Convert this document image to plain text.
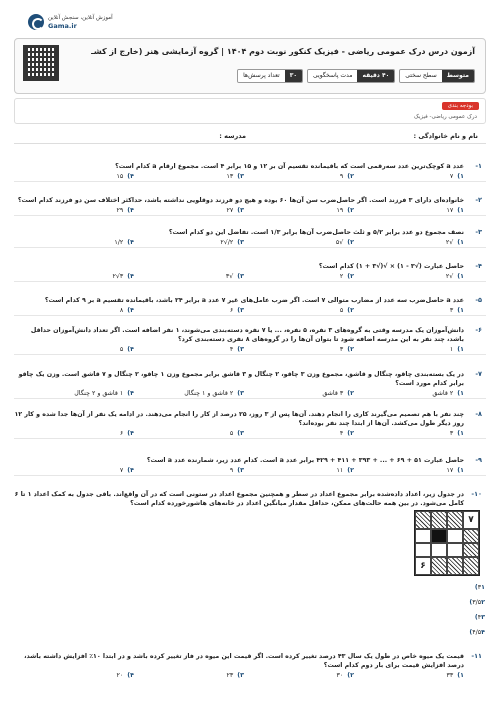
آموزش آنلاین، سنجش آنلاین
Gama.ir
آزمون درس درک عمومی ریاضی - فیزیک کنکور نوبت دوم ۱۴۰۴ | گروه آزمایشی هنر (خارج از کشـ
تعداد پرسش‌ها	۳۰	مدت پاسخگویی	۴۰ دقیقه	سطح سختی	متوسط
بودجه بندی
درک عمومی ریاضی- فیزیک
نام و نام خانوادگی :
مدرسه :
۱-
عدد a کوچک‌ترین عدد سه‌رقمی است که باقیمانده تقسیم آن بر ۱۲ و ۱۵ برابر ۴ است. مجموع ارقام a کدام است؟
۱)
۷
۲)
۹
۳)
۱۳
۴)
۱۵
۲-
خانواده‌ای دارای ۳ فرزند است. اگر حاصل‌ضرب سن آن‌ها ۶۰ بوده و هیچ دو فرزند دوقلویی نداشته باشد، حداکثر اختلاف سن دو فرزند کدام است؟
۱)
۱۷
۲)
۱۹
۳)
۲۷
۴)
۲۹
۳-
نصف مجموع دو عدد برابر ۵/۲ و ثلث حاصل‌ضرب آن‌ها برابر ۱/۳ است. تفاضل این دو کدام است؟
۱)
√۲
۲)
√۵
۳)
۲/√۲
۴)
۱/۲
۴-
حاصل عبارت (√۳ - ۱) × √(√۳ + ۱) کدام است؟
۱)
√۲
۲)
۲
۳)
√۳
۴)
۳√۲
۵-
عدد a حاصل‌ضرب سه عدد از مضارب متوالی ۷ است. اگر ضرب عامل‌های غیر ۷ عدد a برابر ۲۴ باشد، باقیمانده تقسیم a بر ۹ کدام است؟
۱)
۳
۲)
۵
۳)
۶
۴)
۸
۶-
دانش‌آموزان یک مدرسه وقتی به گروه‌های ۳ نفره، ۵ نفره، ... یا ۷ نفره دسته‌بندی می‌شوند، ۱ نفر اضافه است. اگر تعداد دانش‌آموزان حداقل باشد، چند نفر به این مدرسه اضافه شود تا بتوان آن‌ها را در گروه‌های ۸ نفری دسته‌بندی کرد؟
۱)
۱
۲)
۳
۳)
۴
۴)
۵
۷-
در یک بسته‌بندی چاقو، چنگال و قاشق، مجموع وزن ۳ چاقو، ۲ چنگال و ۳ قاشق برابر مجموع وزن ۱ چاقو، ۲ چنگال و ۷ قاشق است. وزن یک چاقو برابر کدام مورد است؟
۱)
۲ قاشق
۲)
۳ قاشق
۳)
۲ قاشق و ۱ چنگال
۴)
۱ قاشق و ۲ چنگال
۸-
چند نفر با هم تصمیم می‌گیرند کاری را انجام دهند. آن‌ها پس از ۳ روز، ۲۵ درصد از کار را انجام می‌دهند. در ادامه یک نفر از آن‌ها جدا شده و کار ۱۲ روز دیگر طول می‌کشد. آن‌ها از ابتدا چند نفر بوده‌اند؟
۱)
۳
۲)
۴
۳)
۵
۴)
۶
۹-
حاصل عبارت ۵۱ + ۶۹ + ... + ۳۹۳ + ۴۱۱ + ۴۲۹ برابر عدد a است. کدام عدد زیر، شمارنده عدد a است؟
۱)
۱۷
۲)
۱۱
۳)
۹
۴)
۷
۱۰-
در جدول زیر، اعداد داده‌شده برابر مجموع اعداد در سطر و همچنین مجموع اعداد در ستونی است که در آن واقع‌اند. باقی جدول به کمک اعداد ۱ تا ۶ کامل می‌شود. در بین همه حالت‌های ممکن، حداقل مقدار میانگین اعداد در خانه‌های هاشورخورده کدام است؟
۷
۶
۳۱)
۳/۵۲)
۴۳)
۴/۵۴)
۱۱-
قیمت یک میوه خاص در طول یک سال ۴۳ درصد تغییر کرده است. اگر قیمت این میوه در فاز تغییر کرده باشد و در ابتدا ۱۰٪ افزایش داشته باشد، درصد افزایش قیمت برای بار دوم کدام است؟
۱)
۳۳
۲)
۳۰
۳)
۲۳
۴)
۲۰
